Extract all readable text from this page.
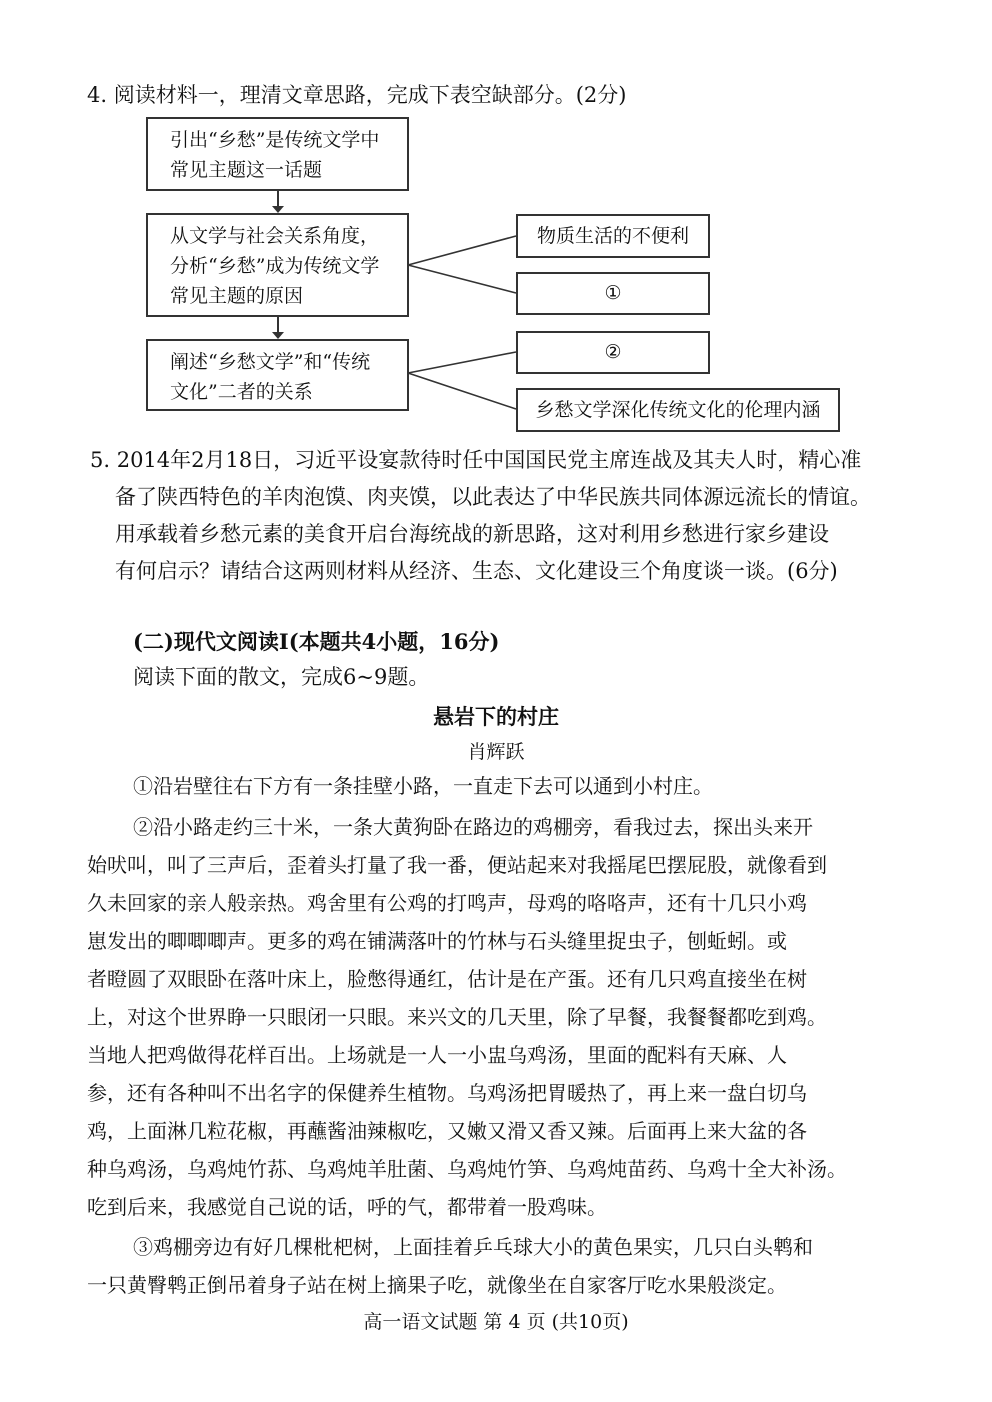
4. 阅读材料一，理清文章思路，完成下表空缺部分。(2分)
引出“乡愁”是传统文学中
常见主题这一话题
从文学与社会关系角度，
分析“乡愁”成为传统文学
常见主题的原因
阐述“乡愁文学”和“传统
文化”二者的关系
物质生活的不便利
①
②
乡愁文学深化传统文化的伦理内涵
5. 2014年2月18日，习近平设宴款待时任中国国民党主席连战及其夫人时，精心准
备了陕西特色的羊肉泡馍、肉夹馍，以此表达了中华民族共同体源远流长的情谊。
用承载着乡愁元素的美食开启台海统战的新思路，这对利用乡愁进行家乡建设
有何启示？请结合这两则材料从经济、生态、文化建设三个角度谈一谈。(6分)
(二)现代文阅读Ⅰ(本题共4小题，16分)
阅读下面的散文，完成6~9题。
悬岩下的村庄
肖辉跃
①沿岩壁往右下方有一条挂壁小路，一直走下去可以通到小村庄。
②沿小路走约三十米，一条大黄狗卧在路边的鸡棚旁，看我过去，探出头来开
始吠叫，叫了三声后，歪着头打量了我一番，便站起来对我摇尾巴摆屁股，就像看到
久未回家的亲人般亲热。鸡舍里有公鸡的打鸣声，母鸡的咯咯声，还有十几只小鸡
崽发出的唧唧唧声。更多的鸡在铺满落叶的竹林与石头缝里捉虫子，刨蚯蚓。或
者瞪圆了双眼卧在落叶床上，脸憋得通红，估计是在产蛋。还有几只鸡直接坐在树
上，对这个世界睁一只眼闭一只眼。来兴文的几天里，除了早餐，我餐餐都吃到鸡。
当地人把鸡做得花样百出。上场就是一人一小盅乌鸡汤，里面的配料有天麻、人
参，还有各种叫不出名字的保健养生植物。乌鸡汤把胃暖热了，再上来一盘白切乌
鸡，上面淋几粒花椒，再蘸酱油辣椒吃，又嫩又滑又香又辣。后面再上来大盆的各
种乌鸡汤，乌鸡炖竹荪、乌鸡炖羊肚菌、乌鸡炖竹笋、乌鸡炖苗药、乌鸡十全大补汤。
吃到后来，我感觉自己说的话，呼的气，都带着一股鸡味。
③鸡棚旁边有好几棵枇杷树，上面挂着乒乓球大小的黄色果实，几只白头鹎和
一只黄臀鹎正倒吊着身子站在树上摘果子吃，就像坐在自家客厅吃水果般淡定。
高一语文试题 第 4 页 (共10页)
